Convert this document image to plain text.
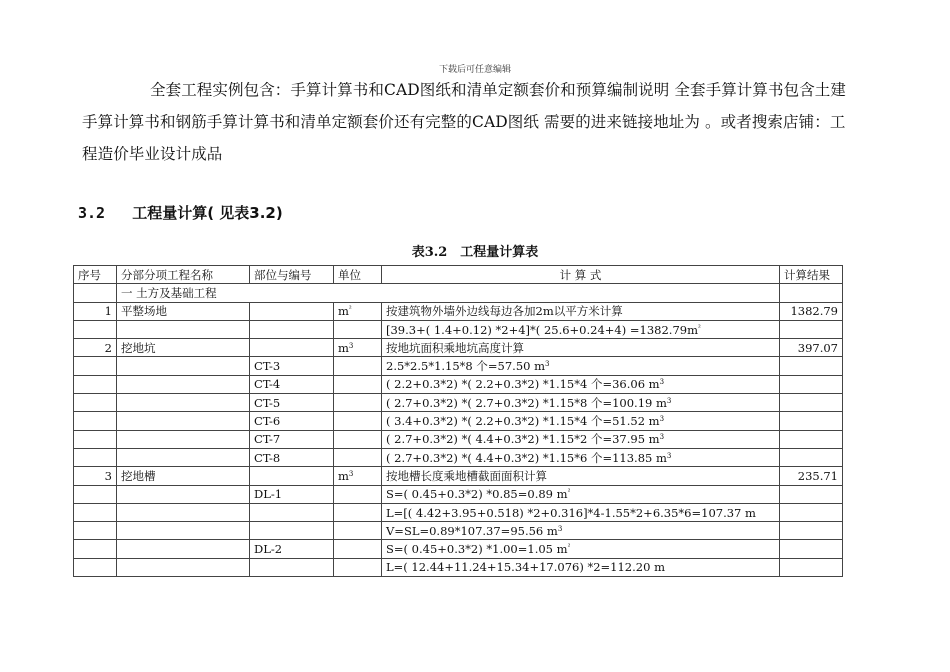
下载后可任意编辑
全套工程实例包含：手算计算书和CAD图纸和清单定额套价和预算编制说明 全套手算计算书包含土建手算计算书和钢筋手算计算书和清单定额套价还有完整的CAD图纸 需要的进来链接地址为 。或者搜索店铺：工程造价毕业设计成品
3.2 工程量计算( 见表3.2)
表3.2　工程量计算表
序号	分部分项工程名称	部位与编号	单位	计 算 式	计算结果
	一 土方及基础工程				
1	平整场地		$m^{^2}$	按建筑物外墙外边线每边各加2m以平方米计算	1382.79
				[39.3+( 1.4+0.12) *2+4]*( $25.6+0.24+4) =1382.79m^{^2}$	
2	挖地坑		$m^3$	按地坑面积乘地坑高度计算	397.07
		CT-3		2.5*2.5*1.15*8 个=57.50 $m^3$	
		CT-4		( 2.2+0.3*2) *( 2.2+0.3*2) *1.15*4 个=36.06 $m^3$	
		CT-5		( 2.7+0.3*2) *( 2.7+0.3*2) *1.15*8 个=100.19 $m^3$	
		CT-6		( 3.4+0.3*2) *( 2.2+0.3*2) *1.15*4 个=51.52 $m^3$	
		CT-7		( 2.7+0.3*2) *( 4.4+0.3*2) *1.15*2 个=37.95 $m^3$	
		CT-8		( 2.7+0.3*2) *( 4.4+0.3*2) *1.15*6 个=113.85 $m^3$	
3	挖地槽		$m^3$	按地槽长度乘地槽截面面积计算	235.71
		DL-1		S=( 0.45+0.3*2) *0.85=0.89 $m^{^2}$	
				L=[( 4.42+3.95+0.518) *2+0.316]*4-1.55*2+6.35*6=107.37 m	
				V=SL=0.89*107.37=95.56 $m^3$	
		DL-2		S=( 0.45+0.3*2) *1.00=1.05 $m^{^2}$	
				L=( 12.44+11.24+15.34+17.076) *2=112.20 m	
